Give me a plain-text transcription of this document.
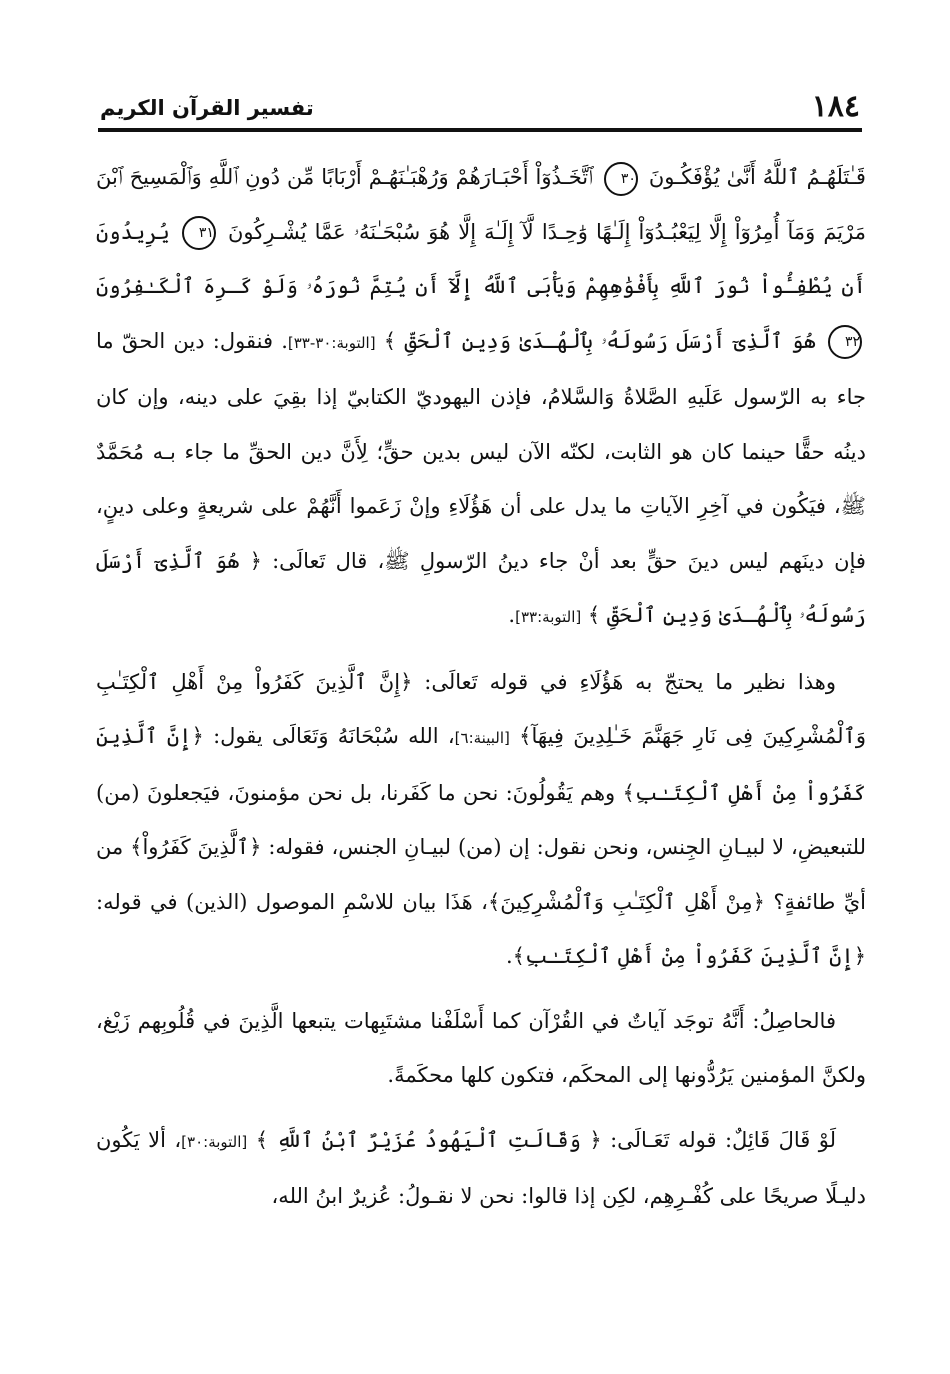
١٨٤
تفسير القرآن الكريم

قَـٰتَلَهُـمُ ٱللَّهُ أَنَّىٰ يُؤْفَكُـونَ ٣٠ ٱتَّخَـذُوٓاْ أَحْبَـارَهُمْ وَرُهْبَـٰنَهُـمْ أَرْبَابًا مِّن دُونِ ٱللَّهِ وَٱلْمَسِيحَ ٱبْنَ مَرْيَمَ وَمَآ أُمِرُوٓاْ إِلَّا لِيَعْبُـدُوٓاْ إِلَـٰهًا وَٰحِـدًا لَّآ إِلَـٰهَ إِلَّا هُوَ سُبْحَـٰنَهُۥ عَمَّا يُشْـرِكُونَ ٣١ يُرِيدُونَ أَن يُطْفِـُٔواْ نُورَ ٱللَّهِ بِأَفْوَٰهِهِمْ وَيَأْبَى ٱللَّهُ إِلَّآ أَن يُتِمَّ نُورَهُۥ وَلَوْ كَـرِهَ ٱلْكَـٰفِرُونَ ٣٢ هُوَ ٱلَّذِىٓ أَرْسَلَ رَسُولَهُۥ بِٱلْهُـدَىٰ وَدِينِ ٱلْحَقِّ ﴾ [التوبة:٣٠-٣٣]. فنقول: دين الحقّ ما جاء به الرّسول عَلَيهِ الصَّلاةُ وَالسَّلامُ، فإذن اليهوديّ الكتابيّ إذا بقِيَ على دينه، وإن كان دينُه حقًّا حينما كان هو الثابت، لكنّه الآن ليس بدين حقٍّ؛ لِأَنَّ دين الحقِّ ما جاء بـه مُحَمَّدٌ ﷺ، فيَكُون في آخِرِ الآياتِ ما يدل على أن هَؤُلَاءِ وإنْ زَعَموا أَنَّهُمْ على شريعةٍ وعلى دينٍ، فإن دينَهم ليس دينَ حقٍّ بعد أنْ جاء دينُ الرّسولِ ﷺ، قال تَعالَى: ﴿ هُوَ ٱلَّذِىٓ أَرْسَلَ رَسُولَهُۥ بِٱلْهُـدَىٰ وَدِينِ ٱلْحَقِّ ﴾ [التوبة:٣٣].

وهذا نظير ما يحتجّ به هَؤُلَاءِ في قوله تَعالَى: ﴿إِنَّ ٱلَّذِينَ كَفَرُواْ مِنْ أَهْلِ ٱلْكِتَـٰبِ وَٱلْمُشْرِكِينَ فِى نَارِ جَهَنَّمَ خَـٰلِدِينَ فِيهَآ﴾ [البينة:٦]، الله سُبْحَانَهُ وَتَعَالَى يقول: ﴿إِنَّ ٱلَّذِينَ كَفَرُواْ مِنْ أَهْلِ ٱلْكِتَـٰبِ﴾ وهم يَقُولُونَ: نحن ما كَفَرنا، بل نحن مؤمنونَ، فيَجعلونَ (من) للتبعيضِ، لا لبيـانِ الجِنس، ونحن نقول: إن (من) لبيـانِ الجنس، فقوله: ﴿ٱلَّذِينَ كَفَرُواْ﴾ من أيِّ طائفةٍ؟ ﴿مِنْ أَهْلِ ٱلْكِتَـٰبِ وَٱلْمُشْرِكِينَ﴾، هَذَا بيان للاسْمِ الموصول (الذين) في قوله: ﴿إِنَّ ٱلَّذِينَ كَفَرُواْ مِنْ أَهْلِ ٱلْكِتَـٰبِ﴾.

فالحاصِلُ: أَنَّهُ توجَد آياتٌ في القُرْآن كما أَسْلَفْنا مشتَبِهات يتبعها الَّذِينَ في قُلُوبِهم زَيْغ، ولكنَّ المؤمنين يَرُدُّونها إلى المحكَم، فتكون كلها محكَمةً.

لَوْ قَالَ قَائِلٌ: قوله تَعَـالَى: ﴿ وَقَالَتِ ٱلْيَهُودُ عُزَيْرٌ ٱبْنُ ٱللَّهِ ﴾ [التوبة:٣٠]، ألا يَكُون دليـلًا صريحًا على كُفْـرِهِم، لكِن إذا قالوا: نحن لا نقـولُ: عُزيرٌ ابنُ الله،
